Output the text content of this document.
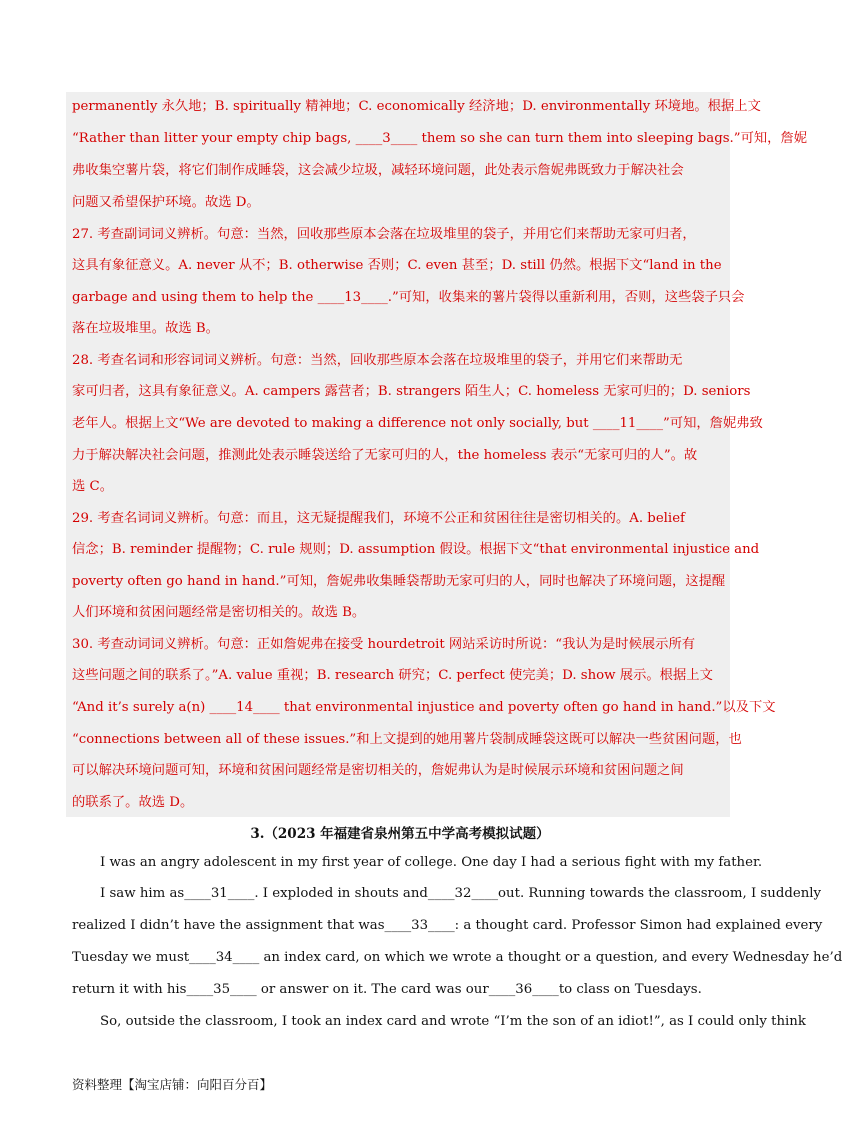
permanently 永久地；B. spiritually 精神地；C. economically 经济地；D. environmentally 环境地。根据上文
“Rather than litter your empty chip bags, ____3____ them so she can turn them into sleeping bags.”可知，詹妮
弗收集空薯片袋，将它们制作成睡袋，这会减少垃圾，减轻环境问题，此处表示詹妮弗既致力于解决社会
问题又希望保护环境。故选 D。
27. 考查副词词义辨析。句意：当然，回收那些原本会落在垃圾堆里的袋子，并用它们来帮助无家可归者，
这具有象征意义。A. never 从不；B. otherwise 否则；C. even 甚至；D. still 仍然。根据下文“land in the
garbage and using them to help the ____13____.”可知，收集来的薯片袋得以重新利用，否则，这些袋子只会
落在垃圾堆里。故选 B。
28. 考查名词和形容词词义辨析。句意：当然，回收那些原本会落在垃圾堆里的袋子，并用它们来帮助无
家可归者，这具有象征意义。A. campers 露营者；B. strangers 陌生人；C. homeless 无家可归的；D. seniors
老年人。根据上文“We are devoted to making a difference not only socially, but ____11____”可知，詹妮弗致
力于解决解决社会问题，推测此处表示睡袋送给了无家可归的人，the homeless 表示“无家可归的人”。故
选 C。
29. 考查名词词义辨析。句意：而且，这无疑提醒我们，环境不公正和贫困往往是密切相关的。A. belief
信念；B. reminder 提醒物；C. rule 规则；D. assumption 假设。根据下文“that environmental injustice and
poverty often go hand in hand.”可知，詹妮弗收集睡袋帮助无家可归的人，同时也解决了环境问题，这提醒
人们环境和贫困问题经常是密切相关的。故选 B。
30. 考查动词词义辨析。句意：正如詹妮弗在接受 hourdetroit 网站采访时所说：“我认为是时候展示所有
这些问题之间的联系了。”A. value 重视；B. research 研究；C. perfect 使完美；D. show 展示。根据上文
“And it’s surely a(n) ____14____ that environmental injustice and poverty often go hand in hand.”以及下文
“connections between all of these issues.”和上文提到的她用薯片袋制成睡袋这既可以解决一些贫困问题，也
可以解决环境问题可知，环境和贫困问题经常是密切相关的，詹妮弗认为是时候展示环境和贫困问题之间
的联系了。故选 D。
3.（2023 年福建省泉州第五中学高考模拟试题）
I was an angry adolescent in my first year of college. One day I had a serious fight with my father.
I saw him as____31____. I exploded in shouts and____32____out. Running towards the classroom, I suddenly
realized I didn’t have the assignment that was____33____: a thought card. Professor Simon had explained every
Tuesday we must____34____ an index card, on which we wrote a thought or a question, and every Wednesday he’d
return it with his____35____ or answer on it. The card was our____36____to class on Tuesdays.
So, outside the classroom, I took an index card and wrote “I’m the son of an idiot!”, as I could only think
资料整理【淘宝店铺：向阳百分百】
